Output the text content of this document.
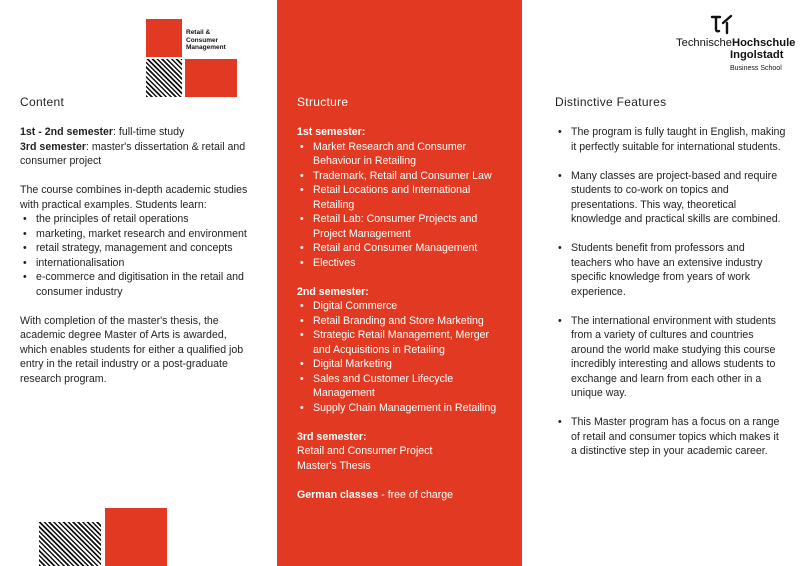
Retail &
Consumer
Management
Content
1st - 2nd semester: full-time study
3rd semester: master's dissertation & retail and consumer project
The course combines in-depth academic studies with practical examples. Students learn:
• the principles of retail operations
• marketing, market research and environment
• retail strategy, management and concepts
• internationalisation
• e-commerce and digitisation in the retail and consumer industry
With completion of the master's thesis, the academic degree Master of Arts is awarded, which enables students for either a qualified job entry in the retail industry or a post-graduate research program.
Structure
1st semester:
• Market Research and Consumer Behaviour in Retailing
• Trademark, Retail and Consumer Law
• Retail Locations and International Retailing
• Retail Lab: Consumer Projects and Project Management
• Retail and Consumer Management
• Electives
2nd semester:
• Digital Commerce
• Retail Branding and Store Marketing
• Strategic Retail Management, Merger and Acquisitions in Retailing
• Digital Marketing
• Sales and Customer Lifecycle Management
• Supply Chain Management in Retailing
3rd semester:
Retail and Consumer Project
Master's Thesis
German classes - free of charge
TechnischeHochschule
Ingolstadt
Business School
Distinctive Features
• The program is fully taught in English, making it perfectly suitable for international students.
• Many classes are project-based and require students to co-work on topics and presentations. This way, theoretical knowledge and practical skills are combined.
• Students benefit from professors and teachers who have an extensive industry specific knowledge from years of work experience.
• The international environment with students from a variety of cultures and countries around the world make studying this course incredibly interesting and allows students to exchange and learn from each other in a unique way.
• This Master program has a focus on a range of retail and consumer topics which makes it a distinctive step in your academic career.
